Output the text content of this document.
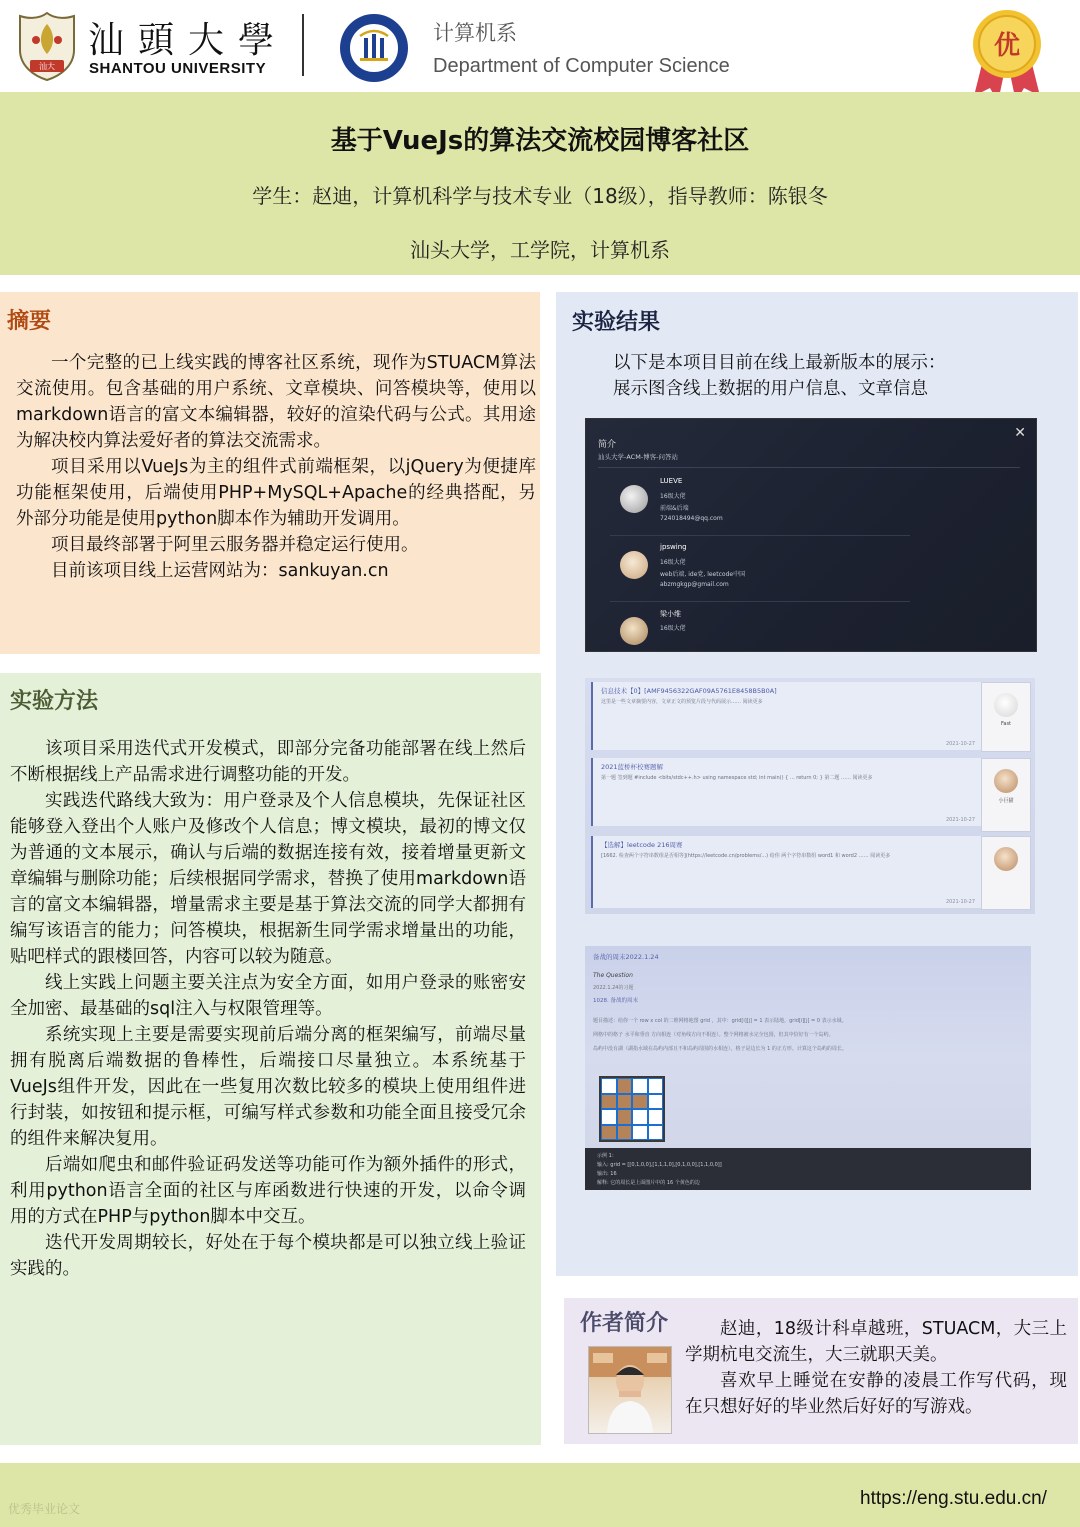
汕大
汕頭大學
SHANTOU UNIVERSITY
计算机系
Department of Computer Science
优
基于VueJs的算法交流校园博客社区
学生：赵迪，计算机科学与技术专业（18级），指导教师：陈银冬
汕头大学，工学院，计算机系
摘要

一个完整的已上线实践的博客社区系统，现作为STUACM算法交流使用。包含基础的用户系统、文章模块、问答模块等，使用以markdown语言的富文本编辑器，较好的渲染代码与公式。其用途为解决校内算法爱好者的算法交流需求。

项目采用以VueJs为主的组件式前端框架，以jQuery为便捷库功能框架使用，后端使用PHP+MySQL+Apache的经典搭配，另外部分功能是使用python脚本作为辅助开发调用。

项目最终部署于阿里云服务器并稳定运行使用。

目前该项目线上运营网站为：sankuyan.cn

实验方法

该项目采用迭代式开发模式，即部分完备功能部署在线上然后不断根据线上产品需求进行调整功能的开发。

实践迭代路线大致为：用户登录及个人信息模块，先保证社区能够登入登出个人账户及修改个人信息；博文模块，最初的博文仅为普通的文本展示，确认与后端的数据连接有效，接着增量更新文章编辑与删除功能；后续根据同学需求，替换了使用markdown语言的富文本编辑器，增量需求主要是基于算法交流的同学大都拥有编写该语言的能力；问答模块，根据新生同学需求增量出的功能，贴吧样式的跟楼回答，内容可以较为随意。

线上实践上问题主要关注点为安全方面，如用户登录的账密安全加密、最基础的sql注入与权限管理等。

系统实现上主要是需要实现前后端分离的框架编写，前端尽量拥有脱离后端数据的鲁棒性，后端接口尽量独立。本系统基于VueJs组件开发，因此在一些复用次数比较多的模块上使用组件进行封装，如按钮和提示框，可编写样式参数和功能全面且接受冗余的组件来解决复用。

后端如爬虫和邮件验证码发送等功能可作为额外插件的形式，利用python语言全面的社区与库函数进行快速的开发，以命令调用的方式在PHP与python脚本中交互。

迭代开发周期较长，好处在于每个模块都是可以独立线上验证实践的。

实验结果
以下是本项目目前在线上最新版本的展示：
展示图含线上数据的用户信息、文章信息
简介
汕头大学-ACM-博客-问答站
✕
LUEVE
16级大佬
前端&后端
724018494@qq.com
jpswing
16级大佬
web后端, ide党, leetcode中国
abzmgkgp@gmail.com
梁小维
16级大佬
信息技术【0】[AMF9456322GAF09A5761E8458B5B0A]
这里是一些文章摘要内容，文章正文的预览片段与代码展示…… 阅读更多
2021-10-27
Fast
2021蓝桥杯校赛题解
第一题 签到题 #include <bits/stdc++.h> using namespace std; int main() { ... return 0; } 第二题 …… 阅读更多
2021-10-27
小巨猫
【选解】leetcode 216周赛
[1662. 检查两个字符串数组是否相等](https://leetcode.cn/problems/...) 给你 两个字符串数组 word1 和 word2 …… 阅读更多
2021-10-27
备战的周末2022.1.24
The Question
2022.1.24的习题
1028. 备战的周末
题目描述：给你一个 row x col 的二维网格地图 grid ，其中：grid[i][j] = 1 表示陆地，grid[i][j] = 0 表示水域。
网格中的格子 水平和垂直 方向相连（对角线方向不相连）。整个网格被水完全包围，但其中恰好有一个岛屿。
岛屿中没有湖（湖指水域在岛屿内部且不和岛屿周围的水相连）。格子是边长为 1 的正方形。计算这个岛屿的周长。
示例 1：
输入: grid = [[0,1,0,0],[1,1,1,0],[0,1,0,0],[1,1,0,0]]
输出: 16
解释: 它的周长是上面图片中的 16 个黄色的边
作者简介	赵迪，18级计科卓越班，STUACM，大三上学期杭电交流生，大三就职天美。

喜欢早上睡觉在安静的凌晨工作写代码，现在只想好好的毕业然后好好的写游戏。

优秀毕业论文	https://eng.stu.edu.cn/
